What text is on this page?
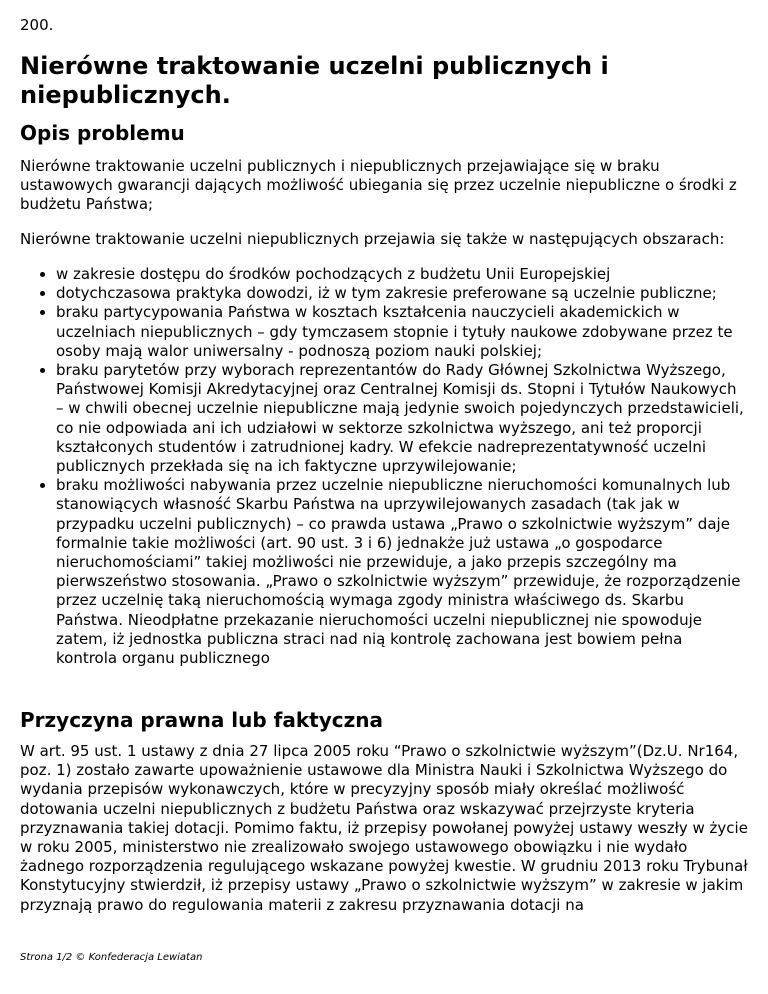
200.
Nierówne traktowanie uczelni publicznych i niepublicznych.
Opis problemu

Nierówne traktowanie uczelni publicznych i niepublicznych przejawiające się w braku ustawowych gwarancji dających możliwość ubiegania się przez uczelnie niepubliczne o środki z budżetu Państwa;

Nierówne traktowanie uczelni niepublicznych przejawia się także w następujących obszarach:

• w zakresie dostępu do środków pochodzących z budżetu Unii Europejskiej
• dotychczasowa praktyka dowodzi, iż w tym zakresie preferowane są uczelnie publiczne;
• braku partycypowania Państwa w kosztach kształcenia nauczycieli akademickich w uczelniach niepublicznych – gdy tymczasem stopnie i tytuły naukowe zdobywane przez te osoby mają walor uniwersalny - podnoszą poziom nauki polskiej;
• braku parytetów przy wyborach reprezentantów do Rady Głównej Szkolnictwa Wyższego, Państwowej Komisji Akredytacyjnej oraz Centralnej Komisji ds. Stopni i Tytułów Naukowych – w chwili obecnej uczelnie niepubliczne mają jedynie swoich pojedynczych przedstawicieli, co nie odpowiada ani ich udziałowi w sektorze szkolnictwa wyższego, ani też proporcji kształconych studentów i zatrudnionej kadry. W efekcie nadreprezentatywność uczelni publicznych przekłada się na ich faktyczne uprzywilejowanie;
• braku możliwości nabywania przez uczelnie niepubliczne nieruchomości komunalnych lub stanowiących własność Skarbu Państwa na uprzywilejowanych zasadach (tak jak w przypadku uczelni publicznych) – co prawda ustawa „Prawo o szkolnictwie wyższym” daje formalnie takie możliwości (art. 90 ust. 3 i 6) jednakże już ustawa „o gospodarce nieruchomościami” takiej możliwości nie przewiduje, a jako przepis szczególny ma pierwszeństwo stosowania. „Prawo o szkolnictwie wyższym” przewiduje, że rozporządzenie przez uczelnię taką nieruchomością wymaga zgody ministra właściwego ds. Skarbu Państwa. Nieodpłatne przekazanie nieruchomości uczelni niepublicznej nie spowoduje zatem, iż jednostka publiczna straci nad nią kontrolę zachowana jest bowiem pełna kontrola organu publicznego
Przyczyna prawna lub faktyczna

W art. 95 ust. 1 ustawy z dnia 27 lipca 2005 roku “Prawo o szkolnictwie wyższym”(Dz.U. Nr164, poz. 1) zostało zawarte upoważnienie ustawowe dla Ministra Nauki i Szkolnictwa Wyższego do wydania przepisów wykonawczych, które w precyzyjny sposób miały określać możliwość dotowania uczelni niepublicznych z budżetu Państwa oraz wskazywać przejrzyste kryteria przyznawania takiej dotacji. Pomimo faktu, iż przepisy powołanej powyżej ustawy weszły w życie w roku 2005, ministerstwo nie zrealizowało swojego ustawowego obowiązku i nie wydało żadnego rozporządzenia regulującego wskazane powyżej kwestie. W grudniu 2013 roku Trybunał Konstytucyjny stwierdził, iż przepisy ustawy „Prawo o szkolnictwie wyższym” w zakresie w jakim przyznają prawo do regulowania materii z zakresu przyznawania dotacji na

Strona 1/2 © Konfederacja Lewiatan
